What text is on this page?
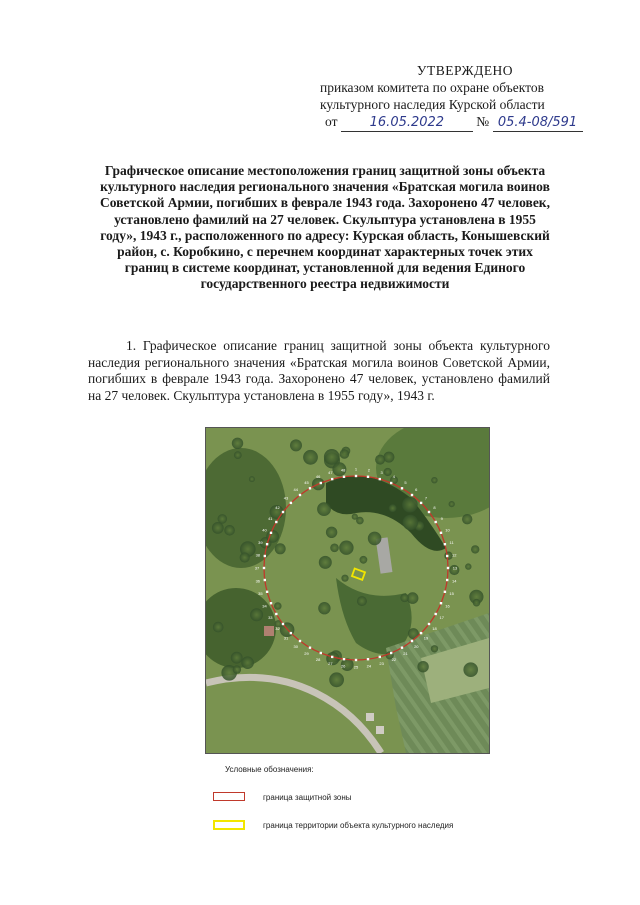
УТВЕРЖДЕНО
приказом комитета по охране объектов
культурного наследия Курской области
от 16.05.2022 № 05.4-08/591
Графическое описание местоположения границ защитной зоны объекта культурного наследия регионального значения «Братская могила воинов Советской Армии, погибших в феврале 1943 года. Захоронено 47 человек, установлено фамилий на 27 человек. Скульптура установлена в 1955 году», 1943 г., расположенного по адресу: Курская область, Конышевский район, с. Коробкино, с перечнем координат характерных точек этих границ в системе координат, установленной для ведения Единого государственного реестра недвижимости
1. Графическое описание границ защитной зоны объекта культурного наследия регионального значения «Братская могила воинов Советской Армии, погибших в феврале 1943 года. Захоронено 47 человек, установлено фамилий на 27 человек. Скульптура установлена в 1955 году», 1943 г.
1	2
3
4
5
6
7
8
9
10
11
12
13
14
15
16
17
18
19
20
21
22
23
24
25
26
27
28
29
30
31
32
33
34
35
36
37
38
39
40
41
42
43
44
45
46
47
48
Условные обозначения:
граница защитной зоны
граница территории объекта культурного наследия
